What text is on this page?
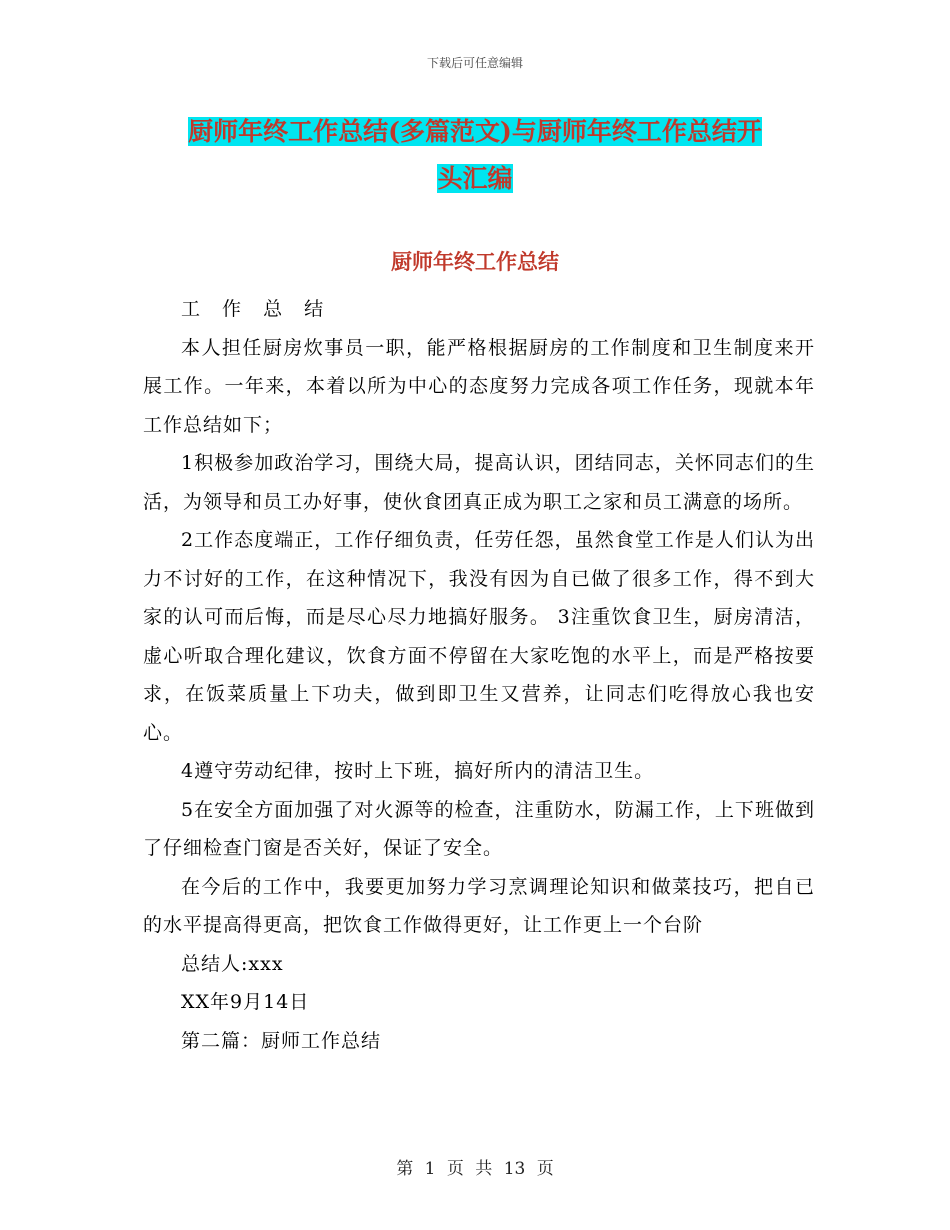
下载后可任意编辑
厨师年终工作总结(多篇范文)与厨师年终工作总结开
头汇编
厨师年终工作总结

工 作 总 结

本人担任厨房炊事员一职，能严格根据厨房的工作制度和卫生制度来开展工作。一年来，本着以所为中心的态度努力完成各项工作任务，现就本年工作总结如下；

1积极参加政治学习，围绕大局，提高认识，团结同志，关怀同志们的生活，为领导和员工办好事，使伙食团真正成为职工之家和员工满意的场所。

2工作态度端正，工作仔细负责，任劳任怨，虽然食堂工作是人们认为出力不讨好的工作，在这种情况下，我没有因为自已做了很多工作，得不到大家的认可而后悔，而是尽心尽力地搞好服务。 3注重饮食卫生，厨房清洁，虚心听取合理化建议，饮食方面不停留在大家吃饱的水平上，而是严格按要求，在饭菜质量上下功夫，做到即卫生又营养，让同志们吃得放心我也安心。

4遵守劳动纪律，按时上下班，搞好所内的清洁卫生。

5在安全方面加强了对火源等的检查，注重防水，防漏工作，上下班做到了仔细检查门窗是否关好，保证了安全。

在今后的工作中，我要更加努力学习烹调理论知识和做菜技巧，把自已的水平提高得更高，把饮食工作做得更好，让工作更上一个台阶

总结人:xxx

XX年9月14日

第二篇：厨师工作总结

第 1 页 共 13 页
